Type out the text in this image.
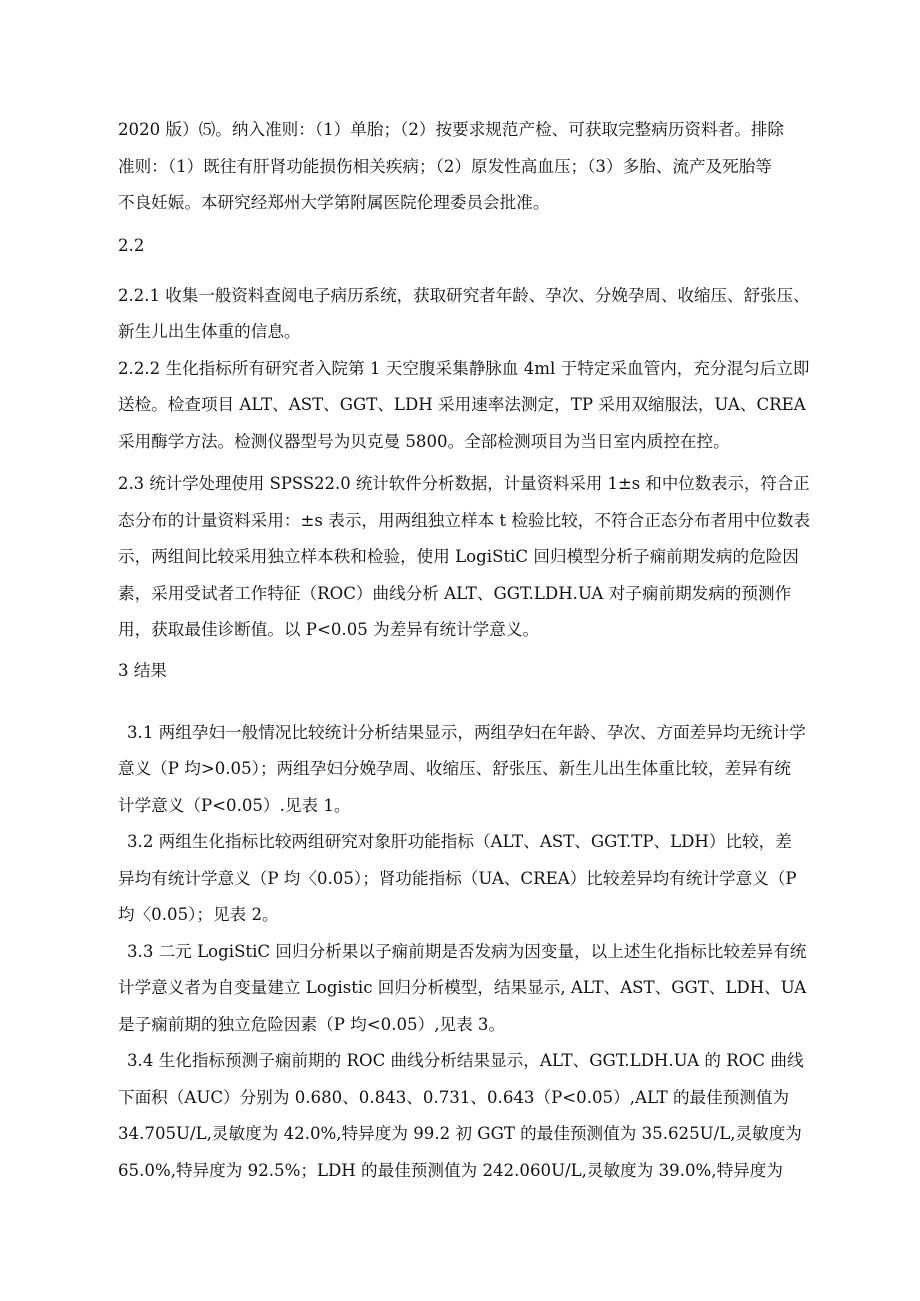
2020 版）⑸。纳入准则：（1）单胎；（2）按要求规范产检、可获取完整病历资料者。排除
准则：（1）既往有肝肾功能损伤相关疾病；（2）原发性高血压；（3）多胎、流产及死胎等
不良妊娠。本研究经郑州大学第附属医院伦理委员会批准。
2.2
2.2.1 收集一般资料查阅电子病历系统，获取研究者年龄、孕次、分娩孕周、收缩压、舒张压、
新生儿出生体重的信息。
2.2.2 生化指标所有研究者入院第 1 天空腹采集静脉血 4ml 于特定采血管内，充分混匀后立即
送检。检查项目 ALT、AST、GGT、LDH 采用速率法测定，TP 采用双缩服法，UA、CREA
采用酶学方法。检测仪器型号为贝克曼 5800。全部检测项目为当日室内质控在控。
2.3 统计学处理使用 SPSS22.0 统计软件分析数据，计量资料采用 1±s 和中位数表示，符合正
态分布的计量资料采用：±s 表示，用两组独立样本 t 检验比较，不符合正态分布者用中位数表
示，两组间比较采用独立样本秩和检验，使用 LogiStiC 回归模型分析子痫前期发病的危险因
素，采用受试者工作特征（ROC）曲线分析 ALT、GGT.LDH.UA 对子痫前期发病的预测作
用，获取最佳诊断值。以 P<0.05 为差异有统计学意义。
3 结果
3.1 两组孕妇一般情况比较统计分析结果显示，两组孕妇在年龄、孕次、方面差异均无统计学
意义（P 均>0.05）；两组孕妇分娩孕周、收缩压、舒张压、新生儿出生体重比较，差异有统
计学意义（P<0.05）.见表 1。
3.2 两组生化指标比较两组研究对象肝功能指标（ALT、AST、GGT.TP、LDH）比较，差
异均有统计学意义（P 均〈0.05）；肾功能指标（UA、CREA）比较差异均有统计学意义（P
均〈0.05）；见表 2。
3.3 二元 LogiStiC 回归分析果以子痫前期是否发病为因变量，以上述生化指标比较差异有统
计学意义者为自变量建立 Logistic 回归分析模型，结果显示, ALT、AST、GGT、LDH、UA
是子痫前期的独立危险因素（P 均<0.05）,见表 3。
3.4 生化指标预测子痫前期的 ROC 曲线分析结果显示，ALT、GGT.LDH.UA 的 ROC 曲线
下面积（AUC）分别为 0.680、0.843、0.731、0.643（P<0.05）,ALT 的最佳预测值为
34.705U/L,灵敏度为 42.0%,特异度为 99.2 初 GGT 的最佳预测值为 35.625U/L,灵敏度为
65.0%,特异度为 92.5%；LDH 的最佳预测值为 242.060U/L,灵敏度为 39.0%,特异度为
